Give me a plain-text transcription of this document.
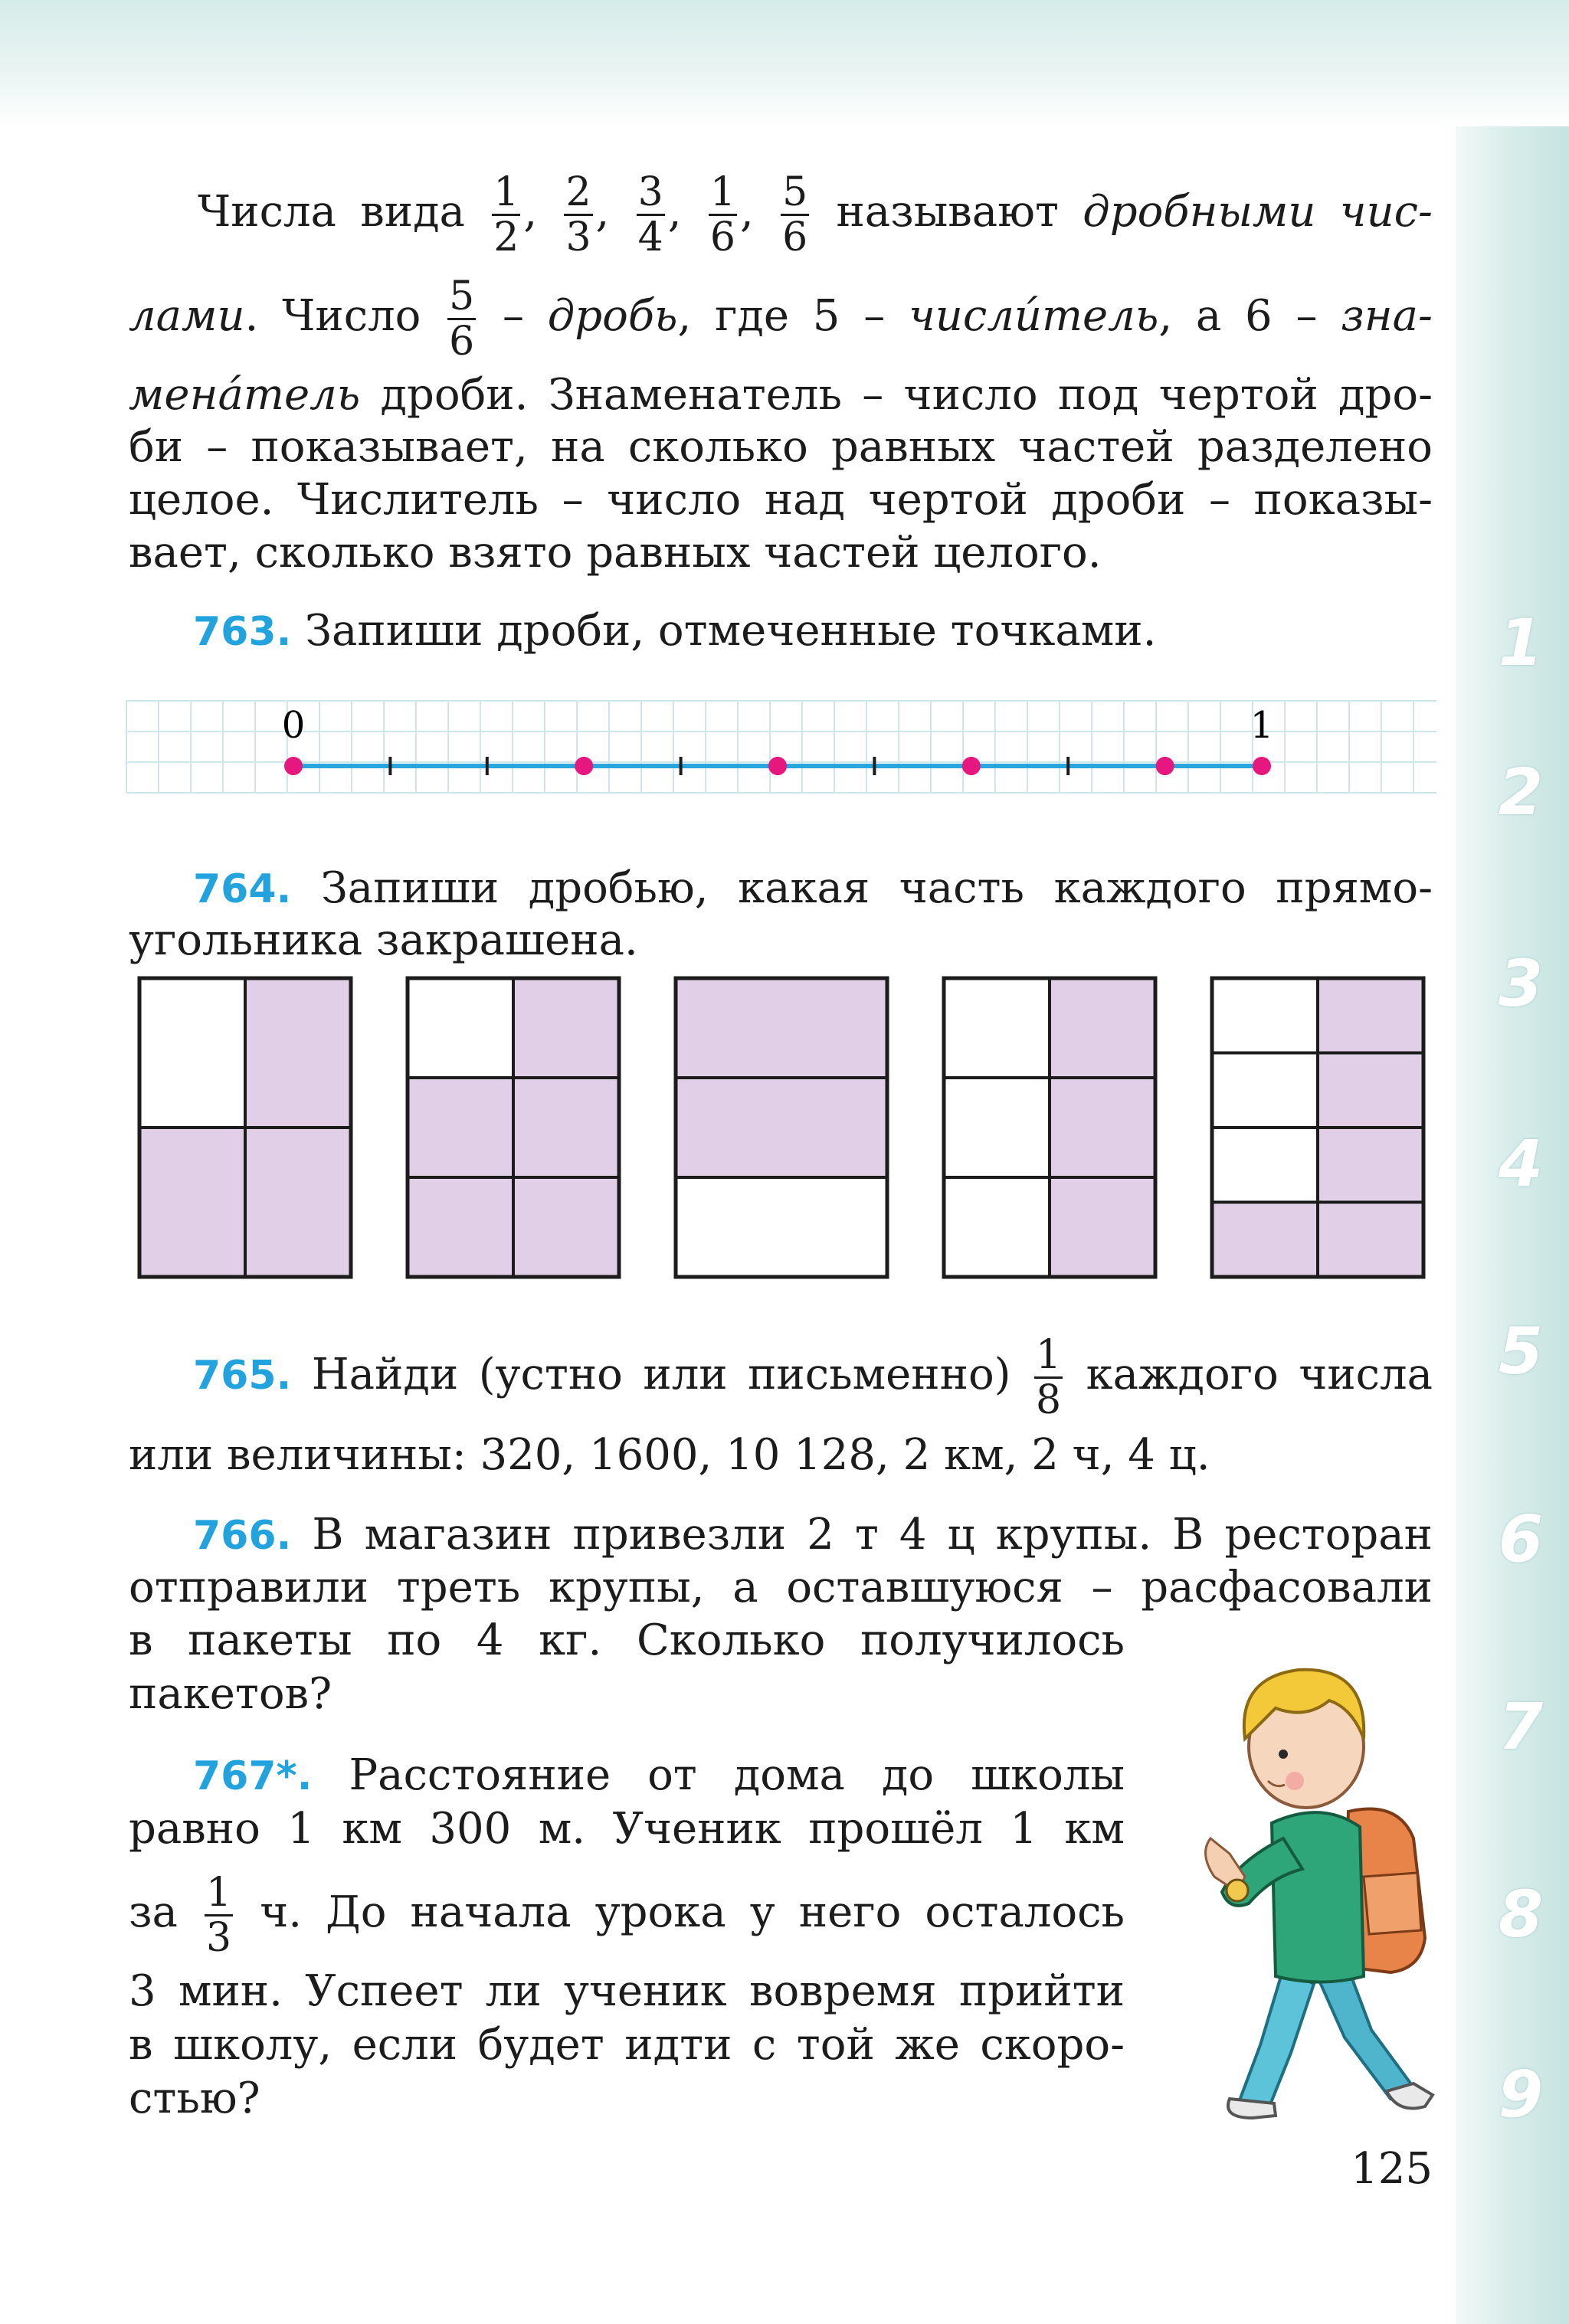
1
2
3
4
5
6
7
8
9
Числа вида $\frac{1}{2}$ , $\frac{2}{3}$ , $\frac{3}{4}$ , $\frac{1}{6}$ , $\frac{5}{6}$ называют дробными чис-
лами. Число $\frac{5}{6}$ – дробь, где 5 – числи́тель, а 6 – зна-
мена́тель дроби. Знаменатель – число под чертой дро-
би – показывает, на сколько равных частей разделено
целое. Числитель – число над чертой дроби – показы-
вает, сколько взято равных частей целого.
763. Запиши дроби, отмеченные точками.
0	1
764. Запиши дробью, какая часть каждого прямо-
угольника закрашена.
765. Найди (устно или письменно) $\frac{1}{8}$ каждого числа
или величины: 320, 1600, 10 128, 2 км, 2 ч, 4 ц.
766. В магазин привезли 2 т 4 ц крупы. В ресторан
отправили треть крупы, а оставшуюся – расфасовали
в пакеты по 4 кг. Сколько получилось
пакетов?
767*. Расстояние от дома до школы
равно 1 км 300 м. Ученик прошёл 1 км
за $\frac{1}{3} ч$. До начала урока у него осталось
3 мин. Успеет ли ученик вовремя прийти
в школу, если будет идти с той же скоро-
стью?
125
